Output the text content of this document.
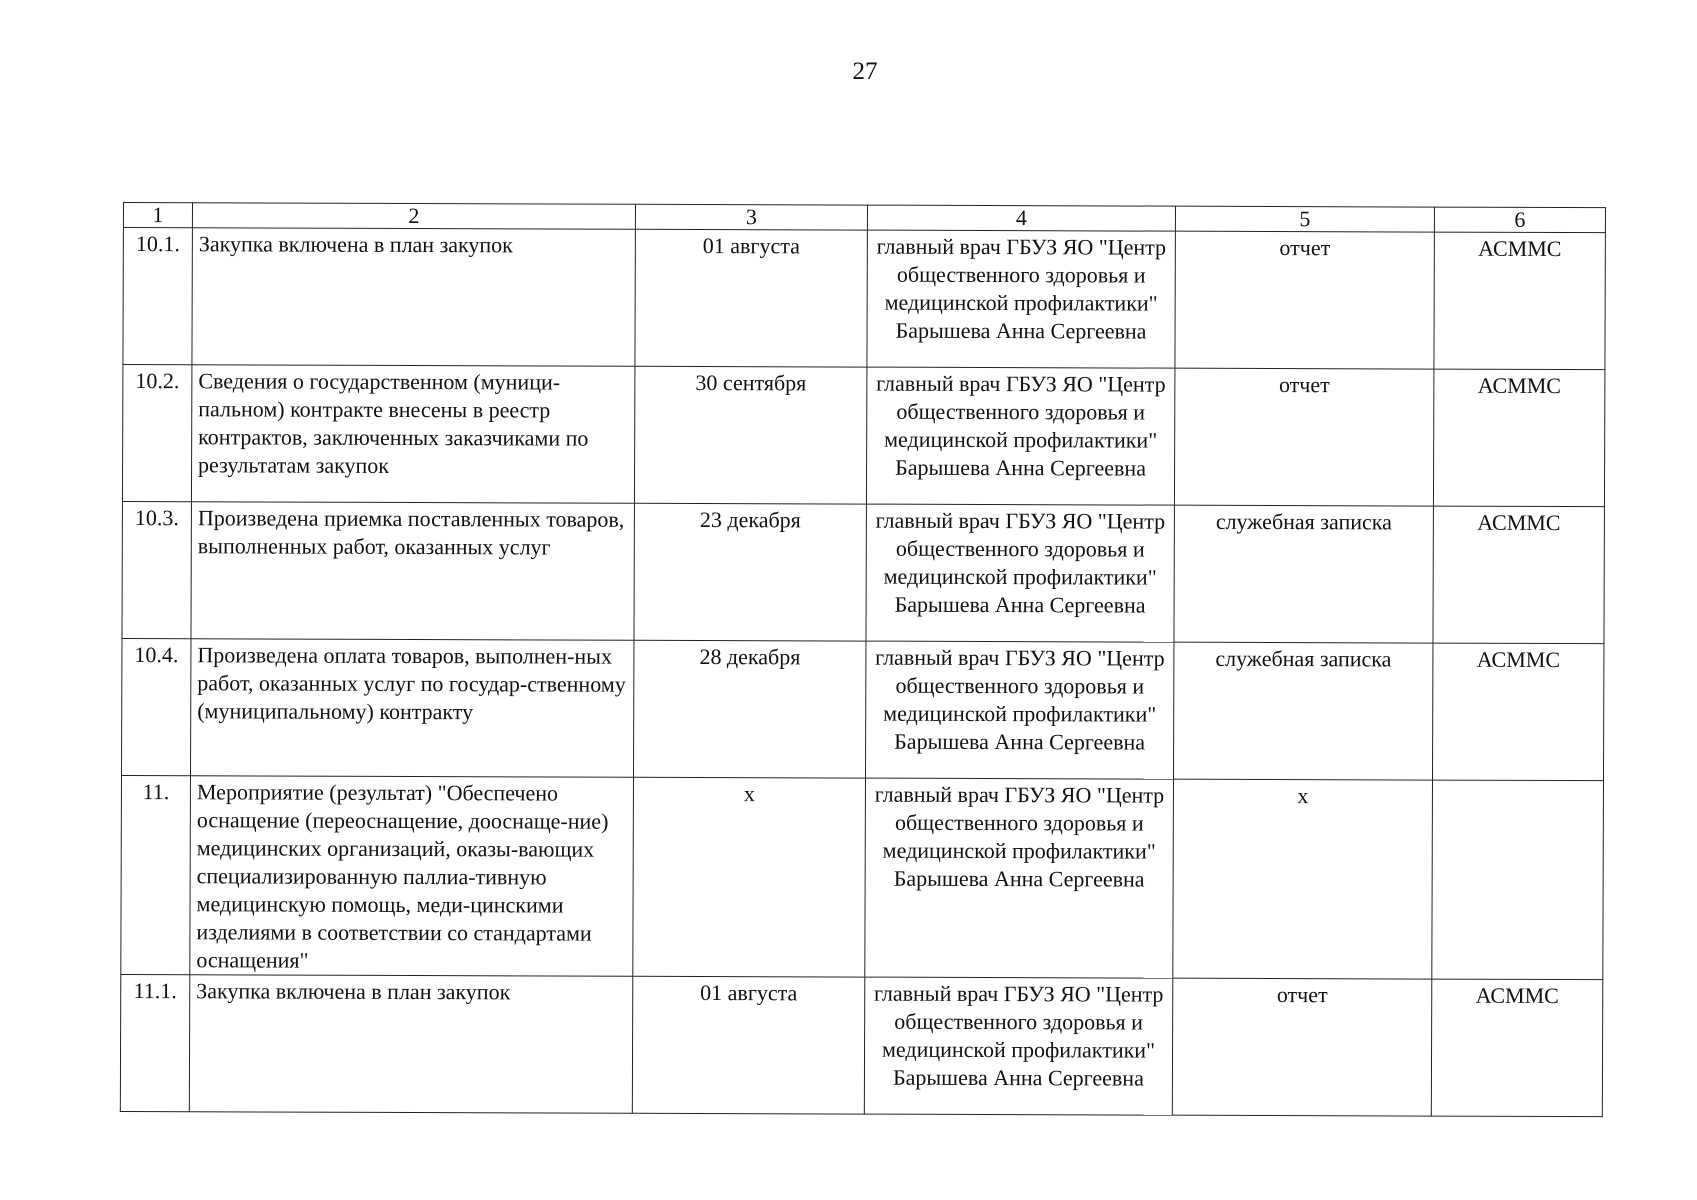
27
1	2	3	4	5	6
10.1.	Закупка включена в план закупок	01 августа	главный врач ГБУЗ ЯО "Центр общественного здоровья и медицинской профилактики" Барышева Анна Сергеевна	отчет	АСММС
10.2.	Сведения о государственном (муници-пальном) контракте внесены в реестр контрактов, заключенных заказчиками по результатам закупок	30 сентября	главный врач ГБУЗ ЯО "Центр общественного здоровья и медицинской профилактики" Барышева Анна Сергеевна	отчет	АСММС
10.3.	Произведена приемка поставленных товаров, выполненных работ, оказанных услуг	23 декабря	главный врач ГБУЗ ЯО "Центр общественного здоровья и медицинской профилактики" Барышева Анна Сергеевна	служебная записка	АСММС
10.4.	Произведена оплата товаров, выполнен-ных работ, оказанных услуг по государ-ственному (муниципальному) контракту	28 декабря	главный врач ГБУЗ ЯО "Центр общественного здоровья и медицинской профилактики" Барышева Анна Сергеевна	служебная записка	АСММС
11.	Мероприятие (результат) "Обеспечено оснащение (переоснащение, дооснаще-ние) медицинских организаций, оказы-вающих специализированную паллиа-тивную медицинскую помощь, меди-цинскими изделиями в соответствии со стандартами оснащения"	х	главный врач ГБУЗ ЯО "Центр общественного здоровья и медицинской профилактики" Барышева Анна Сергеевна	х	
11.1.	Закупка включена в план закупок	01 августа	главный врач ГБУЗ ЯО "Центр общественного здоровья и медицинской профилактики" Барышева Анна Сергеевна	отчет	АСММС
